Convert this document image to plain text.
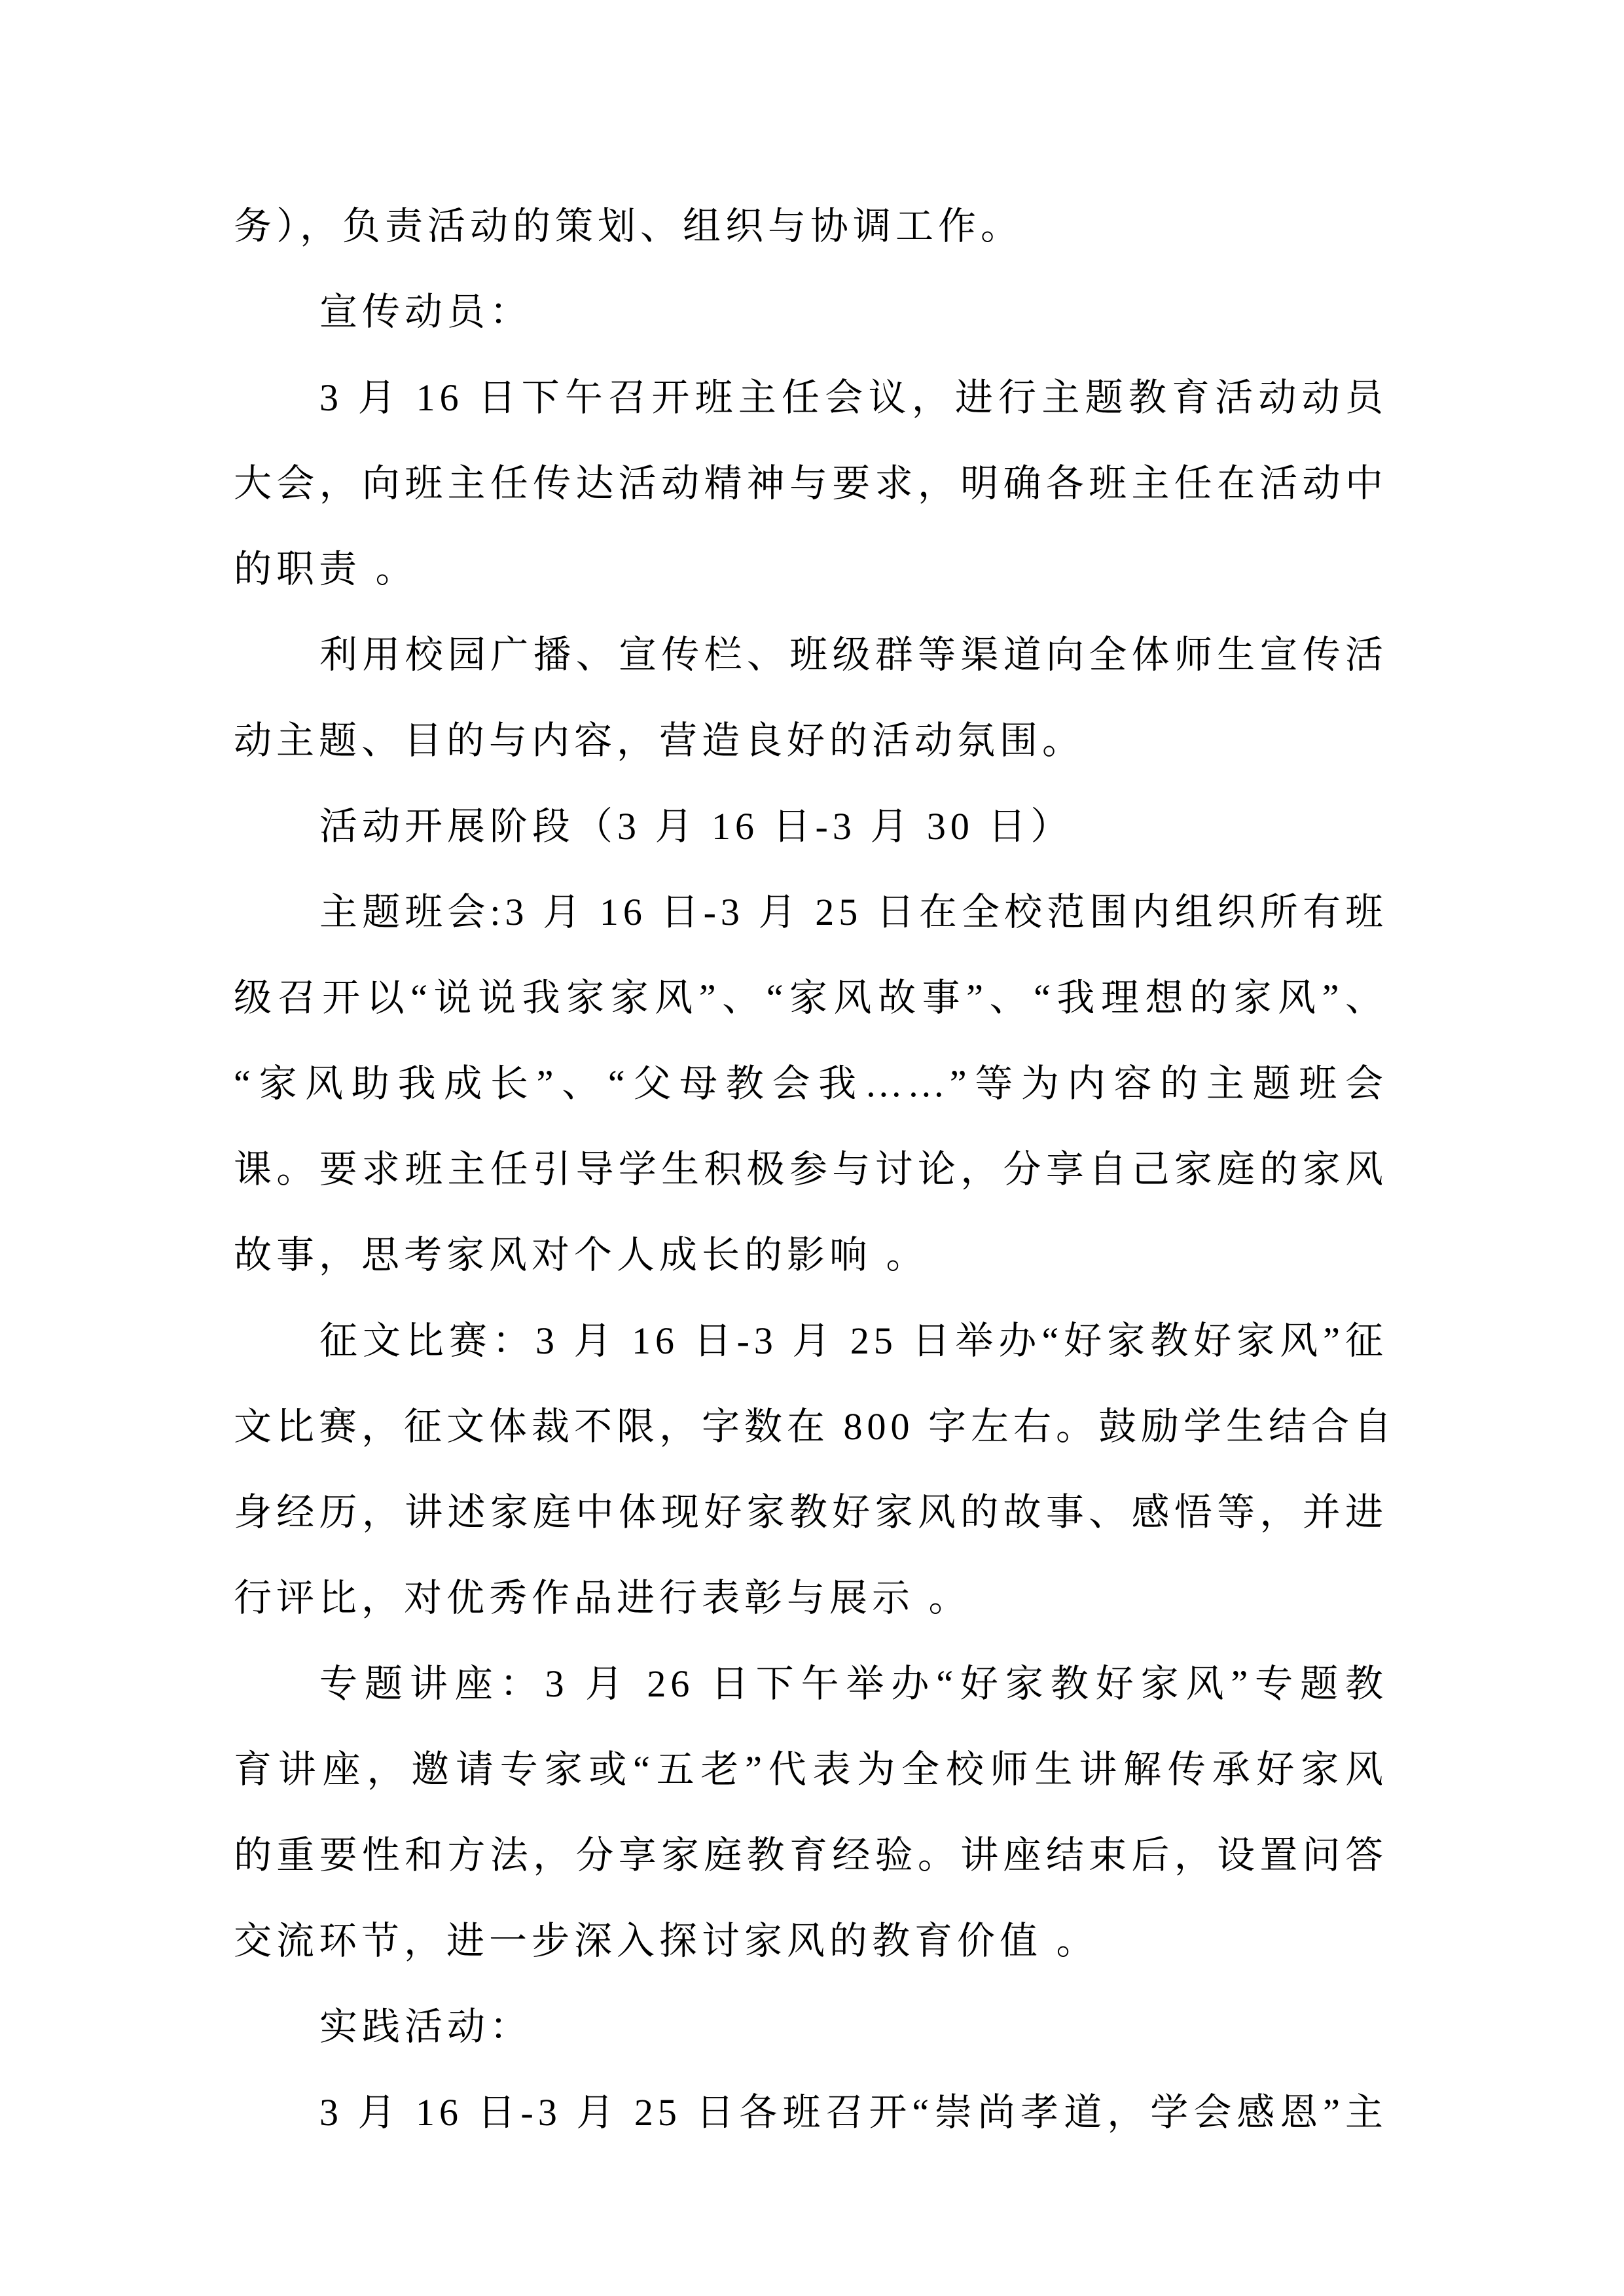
务），负责活动的策划、组织与协调工作。
宣传动员：
3 月 16 日下午召开班主任会议，进行主题教育活动动员
大会，向班主任传达活动精神与要求，明确各班主任在活动中
的职责 。
利用校园广播、宣传栏、班级群等渠道向全体师生宣传活
动主题、目的与内容，营造良好的活动氛围。
活动开展阶段（3 月 16 日-3 月 30 日）
主题班会:3 月 16 日-3 月 25 日在全校范围内组织所有班
级召开以“说说我家家风”、“家风故事”、“我理想的家风”、
“家风助我成长”、“父母教会我……”等为内容的主题班会
课。要求班主任引导学生积极参与讨论，分享自己家庭的家风
故事，思考家风对个人成长的影响 。
征文比赛：3 月 16 日-3 月 25 日举办“好家教好家风”征
文比赛，征文体裁不限，字数在 800 字左右。鼓励学生结合自
身经历，讲述家庭中体现好家教好家风的故事、感悟等，并进
行评比，对优秀作品进行表彰与展示 。
专题讲座：3 月 26 日下午举办“好家教好家风”专题教
育讲座，邀请专家或“五老”代表为全校师生讲解传承好家风
的重要性和方法，分享家庭教育经验。讲座结束后，设置问答
交流环节，进一步深入探讨家风的教育价值 。
实践活动：
3 月 16 日-3 月 25 日各班召开“崇尚孝道，学会感恩”主
